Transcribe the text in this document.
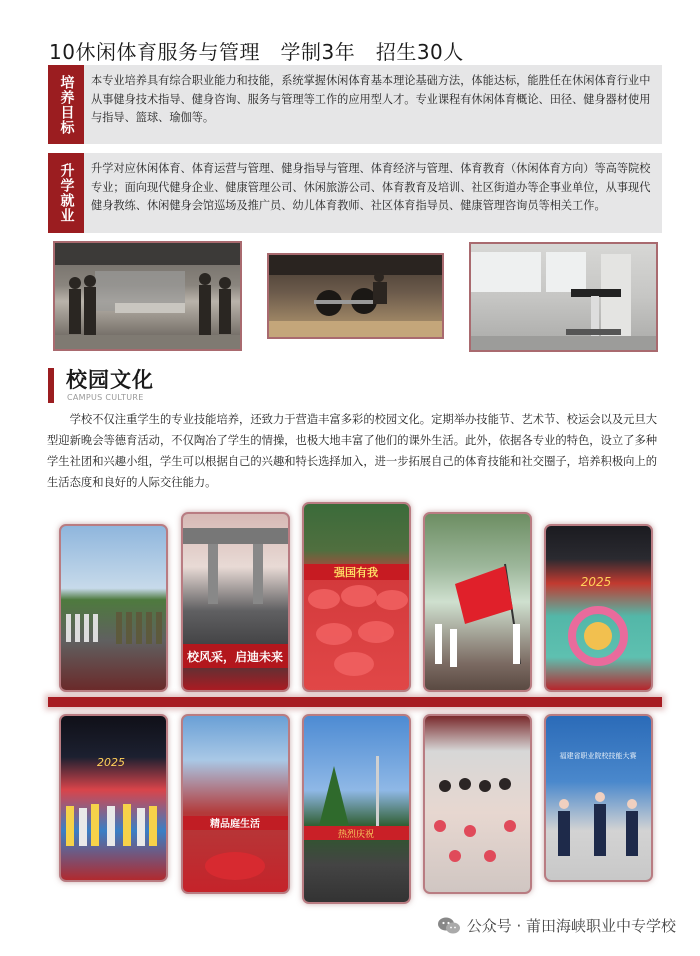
10休闲体育服务与管理   学制3年   招生30人
培养目标	本专业培养具有综合职业能力和技能，系统掌握休闲体育基本理论基础方法，体能达标，能胜任在休闲体育行业中从事健身技术指导、健身咨询、服务与管理等工作的应用型人才。专业课程有休闲体育概论、田径、健身器材使用与指导、篮球、瑜伽等。
升学就业	升学对应休闲体育、体育运营与管理、健身指导与管理、体育经济与管理、体育教育（休闲体育方向）等高等院校专业；面向现代健身企业、健康管理公司、休闲旅游公司、体育教育及培训、社区街道办等企事业单位，从事现代健身教练、休闲健身会馆巡场及推广员、幼儿体育教师、社区体育指导员、健康管理咨询员等相关工作。
校园文化
CAMPUS CULTURE
学校不仅注重学生的专业技能培养，还致力于营造丰富多彩的校园文化。定期举办技能节、艺术节、校运会以及元旦大型迎新晚会等德育活动，不仅陶冶了学生的情操，也极大地丰富了他们的课外生活。此外，依据各专业的特色，设立了多种学生社团和兴趣小组，学生可以根据自己的兴趣和特长选择加入，进一步拓展自己的体育技能和社交圈子，培养积极向上的生活态度和良好的人际交往能力。
校风采，启迪未来
强国有我
2025
2025
精品庭生活
热烈庆祝
福建省职业院校技能大赛
公众号 · 莆田海峡职业中专学校
